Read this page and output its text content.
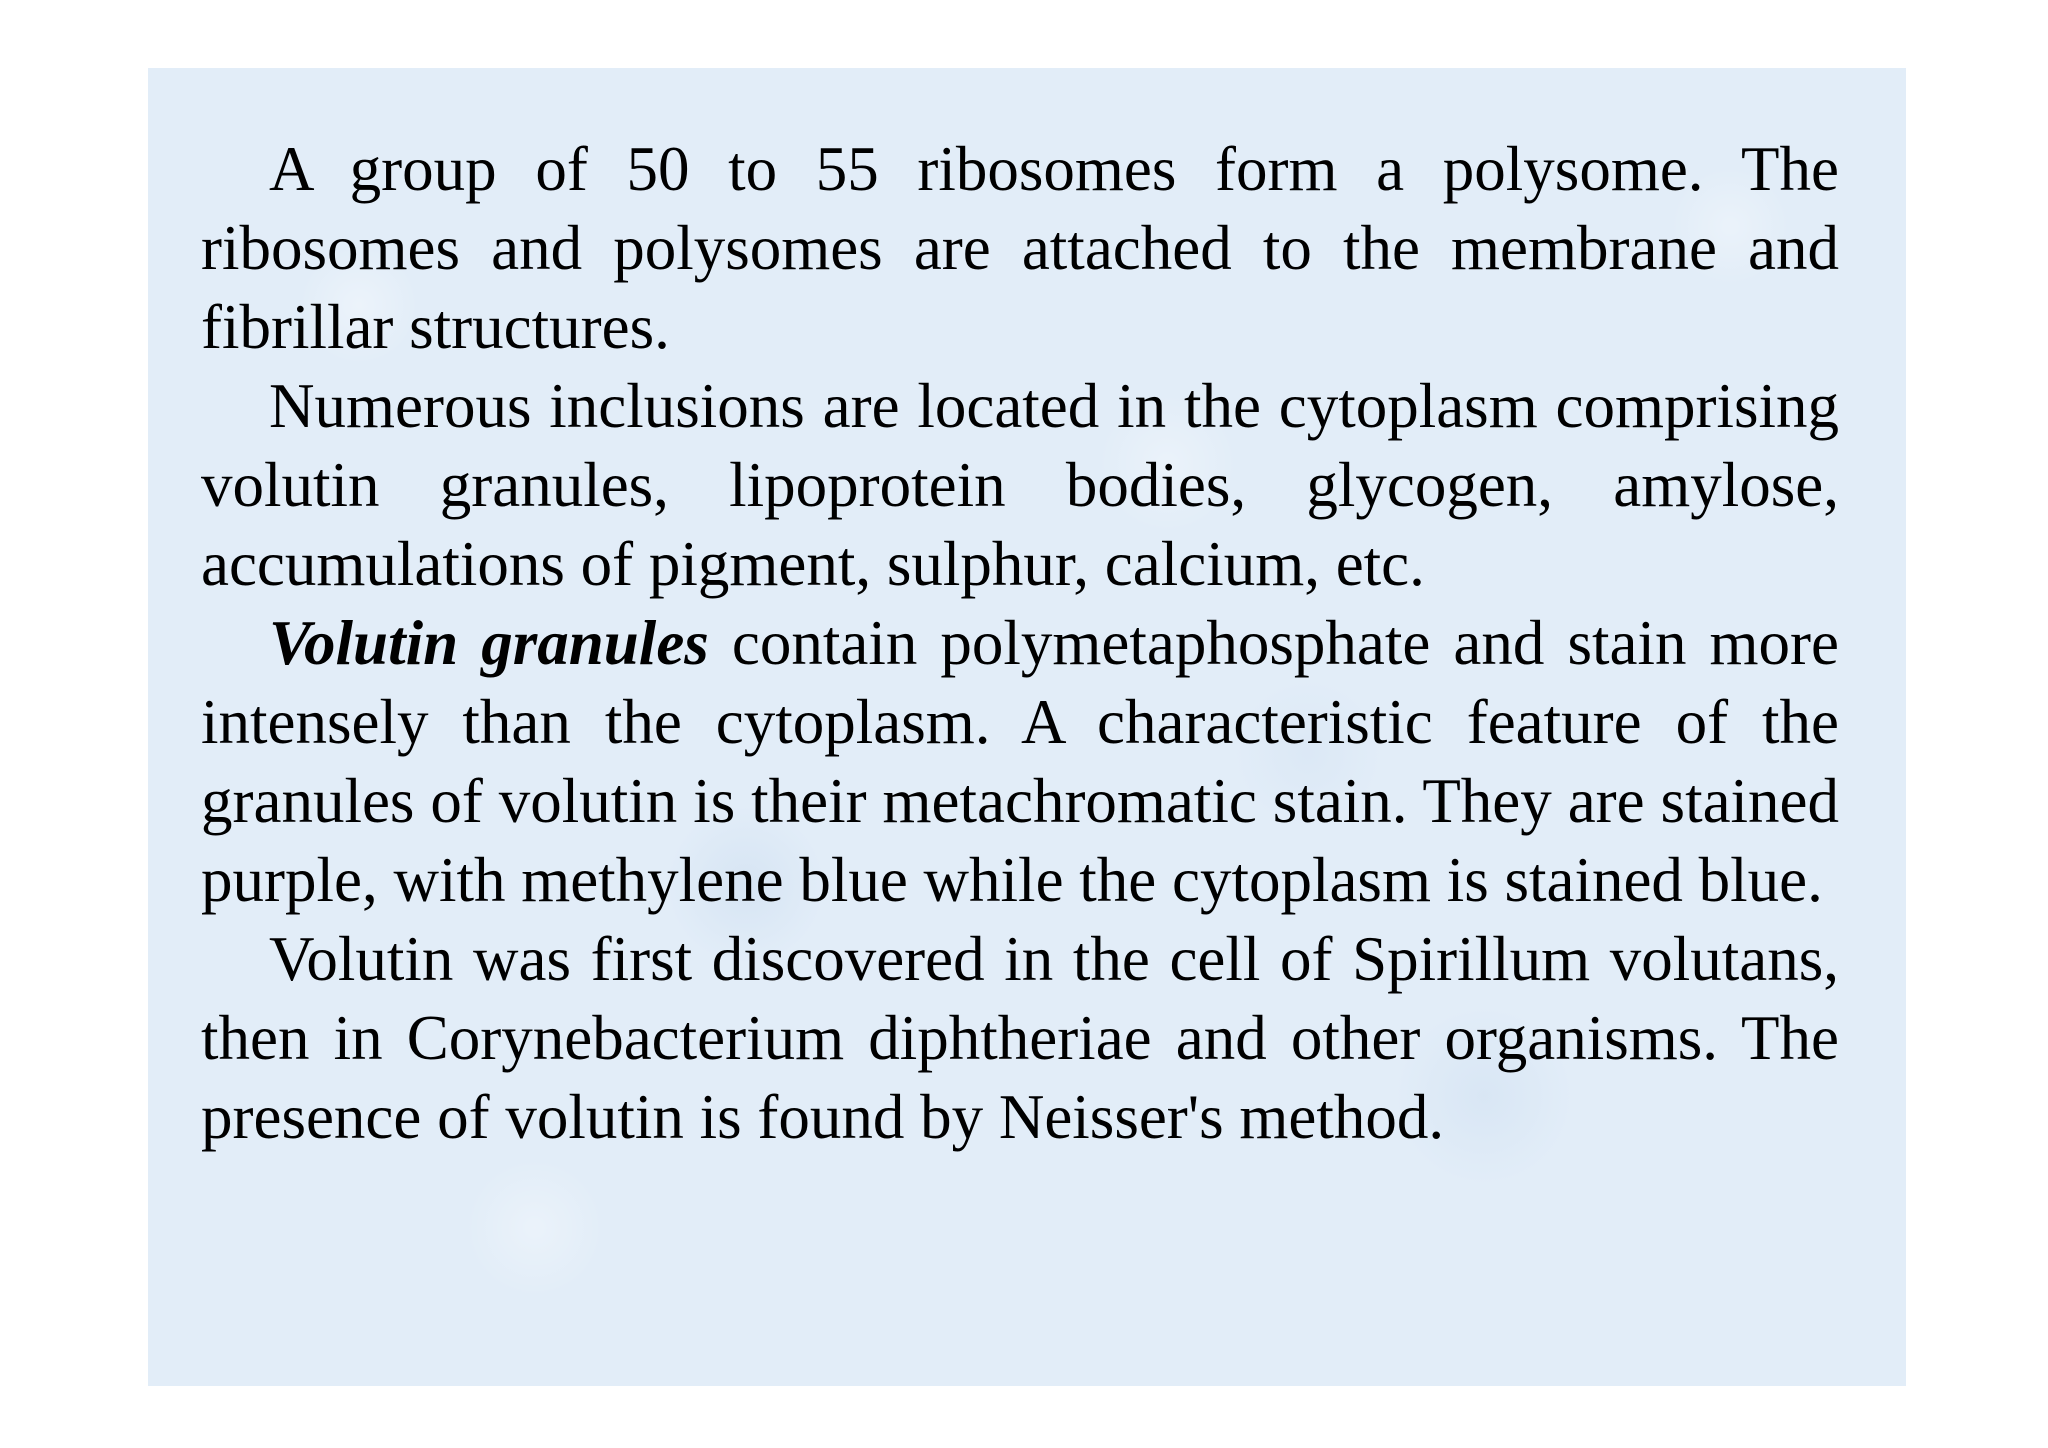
A group of 50 to 55 ribosomes form a polysome. The ribosomes and polysomes are attached to the membrane and fibrillar structures.

Numerous inclusions are located in the cytoplasm comprising volutin granules, lipoprotein bodies, glycogen, amylose, accumulations of pigment, sulphur, calcium, etc.

Volutin granules contain polymetaphosphate and stain more intensely than the cytoplasm. A characteristic feature of the granules of volutin is their metachromatic stain. They are stained purple, with methylene blue while the cytoplasm is stained blue.

Volutin was first discovered in the cell of Spirillum volutans, then in Corynebacterium diphtheriae and other organisms. The presence of volutin is found by Neisser's method.
